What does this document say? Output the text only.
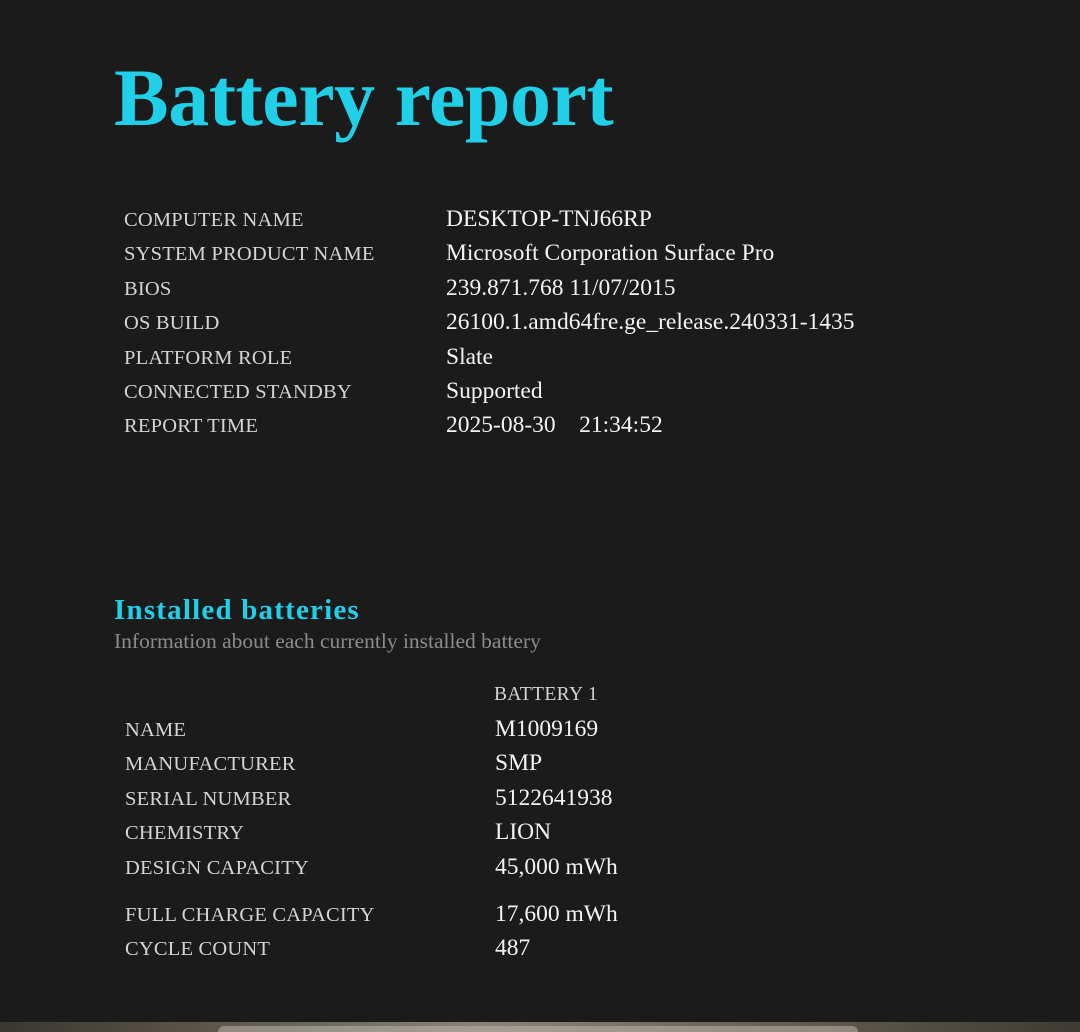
Battery report
COMPUTER NAME	DESKTOP-TNJ66RP
SYSTEM PRODUCT NAME	Microsoft Corporation Surface Pro
BIOS	239.871.768 11/07/2015
OS BUILD	26100.1.amd64fre.ge_release.240331-1435
PLATFORM ROLE	Slate
CONNECTED STANDBY	Supported
REPORT TIME	2025-08-30    21:34:52
Installed batteries
Information about each currently installed battery
BATTERY 1
NAME	M1009169
MANUFACTURER	SMP
SERIAL NUMBER	5122641938
CHEMISTRY	LION
DESIGN CAPACITY	45,000 mWh
FULL CHARGE CAPACITY	17,600 mWh
CYCLE COUNT	487
